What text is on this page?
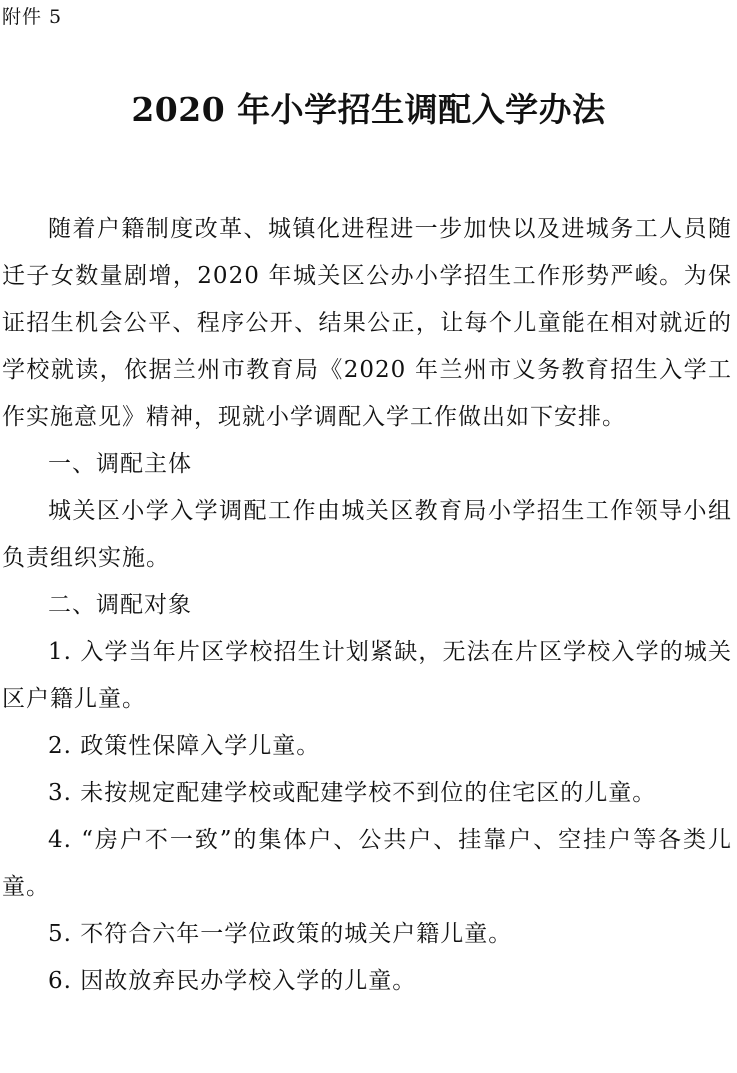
附件 5
2020 年小学招生调配入学办法

随着户籍制度改革、城镇化进程进一步加快以及进城务工人员随迁子女数量剧增，2020 年城关区公办小学招生工作形势严峻。为保证招生机会公平、程序公开、结果公正，让每个儿童能在相对就近的学校就读，依据兰州市教育局《2020 年兰州市义务教育招生入学工作实施意见》精神，现就小学调配入学工作做出如下安排。

一、调配主体

城关区小学入学调配工作由城关区教育局小学招生工作领导小组负责组织实施。

二、调配对象

1. 入学当年片区学校招生计划紧缺，无法在片区学校入学的城关区户籍儿童。

2. 政策性保障入学儿童。

3. 未按规定配建学校或配建学校不到位的住宅区的儿童。

4. “房户不一致”的集体户、公共户、挂靠户、空挂户等各类儿童。

5. 不符合六年一学位政策的城关户籍儿童。

6. 因故放弃民办学校入学的儿童。
